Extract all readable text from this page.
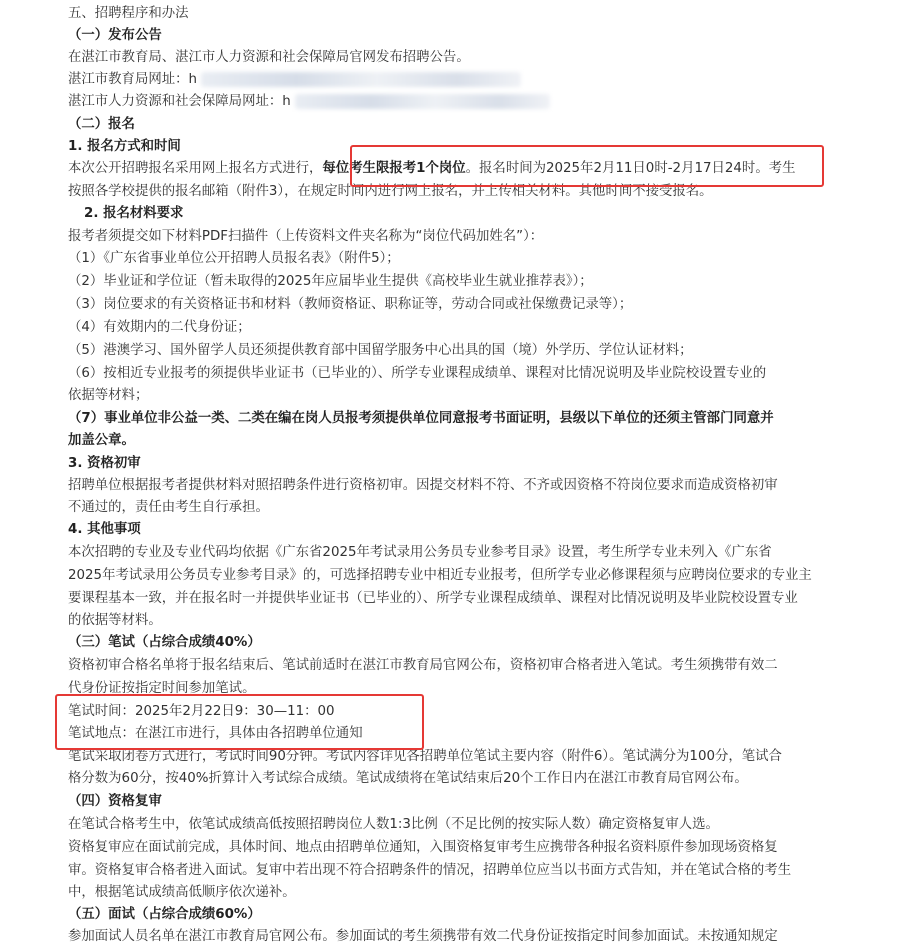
五、招聘程序和办法
（一）发布公告
在湛江市教育局、湛江市人力资源和社会保障局官网发布招聘公告。
湛江市教育局网址：h
湛江市人力资源和社会保障局网址：h
（二）报名
1. 报名方式和时间
本次公开招聘报名采用网上报名方式进行，每位考生限报考1个岗位。报名时间为2025年2月11日0时-2月17日24时。考生
按照各学校提供的报名邮箱（附件3），在规定时间内进行网上报名，并上传相关材料。其他时间不接受报名。
2. 报名材料要求
报考者须提交如下材料PDF扫描件（上传资料文件夹名称为“岗位代码加姓名”）：
（1）《广东省事业单位公开招聘人员报名表》（附件5）；
（2）毕业证和学位证（暂未取得的2025年应届毕业生提供《高校毕业生就业推荐表》）；
（3）岗位要求的有关资格证书和材料（教师资格证、职称证等，劳动合同或社保缴费记录等）；
（4）有效期内的二代身份证；
（5）港澳学习、国外留学人员还须提供教育部中国留学服务中心出具的国（境）外学历、学位认证材料；
（6）按相近专业报考的须提供毕业证书（已毕业的）、所学专业课程成绩单、课程对比情况说明及毕业院校设置专业的
依据等材料；
（7）事业单位非公益一类、二类在编在岗人员报考须提供单位同意报考书面证明，县级以下单位的还须主管部门同意并
加盖公章。
3. 资格初审
招聘单位根据报考者提供材料对照招聘条件进行资格初审。因提交材料不符、不齐或因资格不符岗位要求而造成资格初审
不通过的，责任由考生自行承担。
4. 其他事项
本次招聘的专业及专业代码均依据《广东省2025年考试录用公务员专业参考目录》设置，考生所学专业未列入《广东省
2025年考试录用公务员专业参考目录》的，可选择招聘专业中相近专业报考，但所学专业必修课程须与应聘岗位要求的专业主
要课程基本一致，并在报名时一并提供毕业证书（已毕业的）、所学专业课程成绩单、课程对比情况说明及毕业院校设置专业
的依据等材料。
（三）笔试（占综合成绩40%）
资格初审合格名单将于报名结束后、笔试前适时在湛江市教育局官网公布，资格初审合格者进入笔试。考生须携带有效二
代身份证按指定时间参加笔试。
笔试时间：2025年2月22日9：30—11：00
笔试地点：在湛江市进行，具体由各招聘单位通知
笔试采取闭卷方式进行，考试时间90分钟。考试内容详见各招聘单位笔试主要内容（附件6）。笔试满分为100分，笔试合
格分数为60分，按40%折算计入考试综合成绩。笔试成绩将在笔试结束后20个工作日内在湛江市教育局官网公布。
（四）资格复审
在笔试合格考生中，依笔试成绩高低按照招聘岗位人数1:3比例（不足比例的按实际人数）确定资格复审人选。
资格复审应在面试前完成，具体时间、地点由招聘单位通知，入围资格复审考生应携带各种报名资料原件参加现场资格复
审。资格复审合格者进入面试。复审中若出现不符合招聘条件的情况，招聘单位应当以书面方式告知，并在笔试合格的考生
中，根据笔试成绩高低顺序依次递补。
（五）面试（占综合成绩60%）
参加面试人员名单在湛江市教育局官网公布。参加面试的考生须携带有效二代身份证按指定时间参加面试。未按通知规定
